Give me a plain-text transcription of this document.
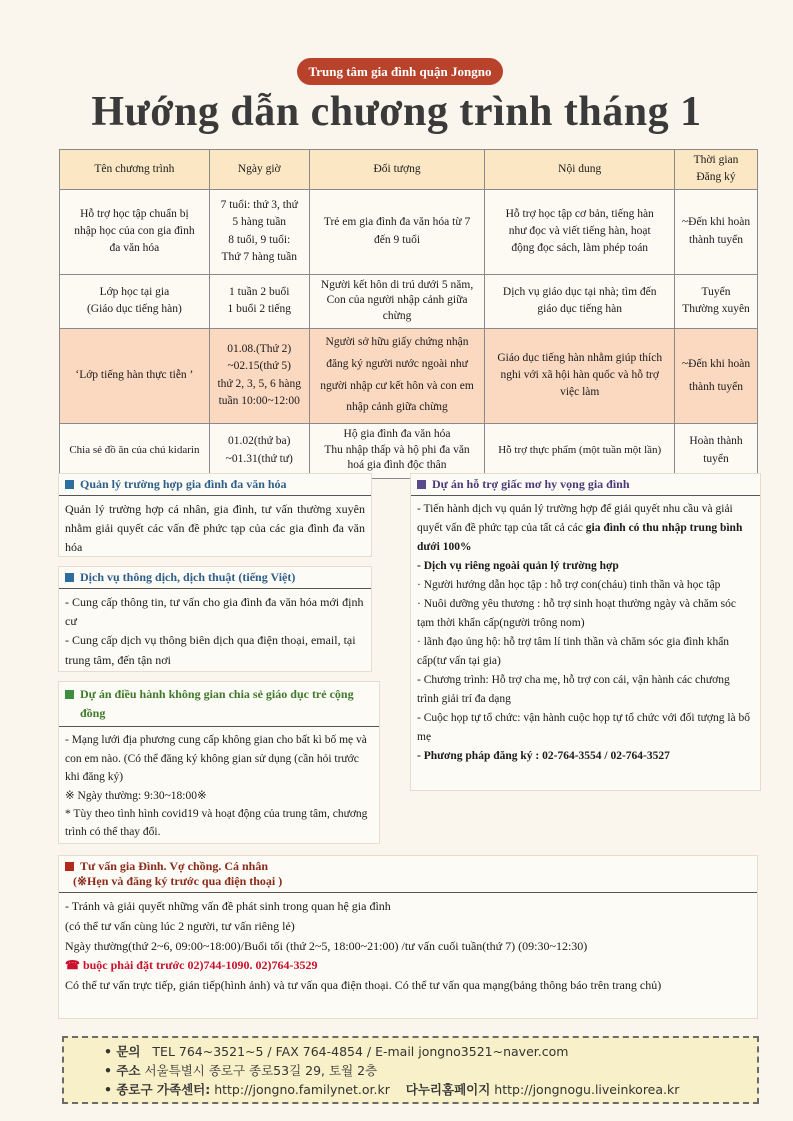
Trung tâm gia đình quận Jongno
Hướng dẫn chương trình tháng 1
Tên chương trình	Ngày giờ	Đối tượng	Nội dung	Thời gian
Đăng ký
Hỗ trợ học tập chuẩn bị
nhập học của con gia đình
đa văn hóa	7 tuổi: thứ 3, thứ
5 hàng tuần
8 tuổi, 9 tuổi:
Thứ 7 hàng tuần	Trẻ em gia đình đa văn hóa từ 7
đến 9 tuổi	Hỗ trợ học tập cơ bản, tiếng hàn
như đọc và viết tiếng hàn, hoạt
động đọc sách, làm phép toán	~Đến khi hoàn
thành tuyển
Lớp học tại gia
(Giáo dục tiếng hàn)	1 tuần 2 buổi
1 buổi 2 tiếng	Người kết hôn di trú dưới 5 năm,
Con của người nhập cảnh giữa
chừng	Dịch vụ giáo dục tại nhà; tìm đến
giáo dục tiếng hàn	Tuyển
Thường xuyên
‘Lớp tiếng hàn thực tiễn ’	01.08.(Thứ 2)
~02.15(thứ 5)
thứ 2, 3, 5, 6 hàng
tuần 10:00~12:00	Người sở hữu giấy chứng nhận
đăng ký người nước ngoài như
người nhập cư kết hôn và con em
nhập cảnh giữa chừng	Giáo dục tiếng hàn nhằm giúp thích
nghi với xã hội hàn quốc và hỗ trợ
việc làm	~Đến khi hoàn
thành tuyển
Chia sẻ đồ ăn của chú kidarin	01.02(thứ ba)
~01.31(thứ tư)	Hộ gia đình đa văn hóa
Thu nhập thấp và hộ phi đa văn
hoá gia đình độc thân	Hỗ trợ thực phẩm (một tuần một lần)	Hoàn thành
tuyển
Quản lý trường hợp gia đình đa văn hóa
Quản lý trường hợp cá nhân, gia đình, tư vấn thường xuyên nhằm giải quyết các vấn đề phức tạp của các gia đình đa văn hóa
Dịch vụ thông dịch, dịch thuật (tiếng Việt)

- Cung cấp thông tin, tư vấn cho gia đình đa văn hóa mới định cư

- Cung cấp dịch vụ thông biên dịch qua điện thoại, email, tại trung tâm, đến tận nơi

Dự án điều hành không gian chia sẻ giáo dục trẻ cộng đồng

- Mạng lưới địa phương cung cấp không gian cho bất kì bố mẹ và con em nào. (Có thể đăng ký không gian sử dụng (cần hỏi trước khi đăng ký)

※ Ngày thường: 9:30~18:00※

* Tùy theo tình hình covid19 và hoạt động của trung tâm, chương trình có thể thay đổi.

Dự án hỗ trợ giấc mơ hy vọng gia đình

- Tiến hành dịch vụ quản lý trường hợp để giải quyết nhu cầu và giải quyết vấn đề phức tạp của tất cả các gia đình có thu nhập trung bình dưới 100%

- Dịch vụ riêng ngoài quản lý trường hợp

· Người hướng dẫn học tập : hỗ trợ con(cháu) tinh thần và học tập

· Nuôi dưỡng yêu thương : hỗ trợ sinh hoạt thường ngày và chăm sóc tạm thời khẩn cấp(người trông nom)

· lãnh đạo ủng hộ: hỗ trợ tâm lí tinh thần và chăm sóc gia đình khẩn cấp(tư vấn tại gia)

- Chương trình: Hỗ trợ cha mẹ, hỗ trợ con cái, vận hành các chương trình giải trí đa dạng

- Cuộc họp tự tổ chức: vận hành cuộc họp tự tổ chức với đối tượng là bố mẹ

- Phương pháp đăng ký : 02-764-3554 / 02-764-3527

Tư vấn gia Đình. Vợ chồng. Cá nhân
(※Hẹn và đăng ký trước qua điện thoại )

- Tránh và giải quyết những vấn đề phát sinh trong quan hệ gia đình

(có thể tư vấn cùng lúc 2 người, tư vấn riêng lẻ)

Ngày thường(thứ 2~6, 09:00~18:00)/Buổi tối (thứ 2~5, 18:00~21:00) /tư vấn cuối tuần(thứ 7) (09:30~12:30)

☎ buộc phải đặt trước 02)744-1090. 02)764-3529

Có thể tư vấn trực tiếp, gián tiếp(hình ảnh) và tư vấn qua điện thoại. Có thể tư vấn qua mạng(bảng thông báo trên trang chủ)

• 문의 TEL 764~3521~5 / FAX 764-4854 / E-mail jongno3521~naver.com
• 주소 서울특별시 종로구 종로53길 29, 토월 2층
• 종로구 가족센터: http://jongno.familynet.or.kr 다누리홈페이지 http://jongnogu.liveinkorea.kr
